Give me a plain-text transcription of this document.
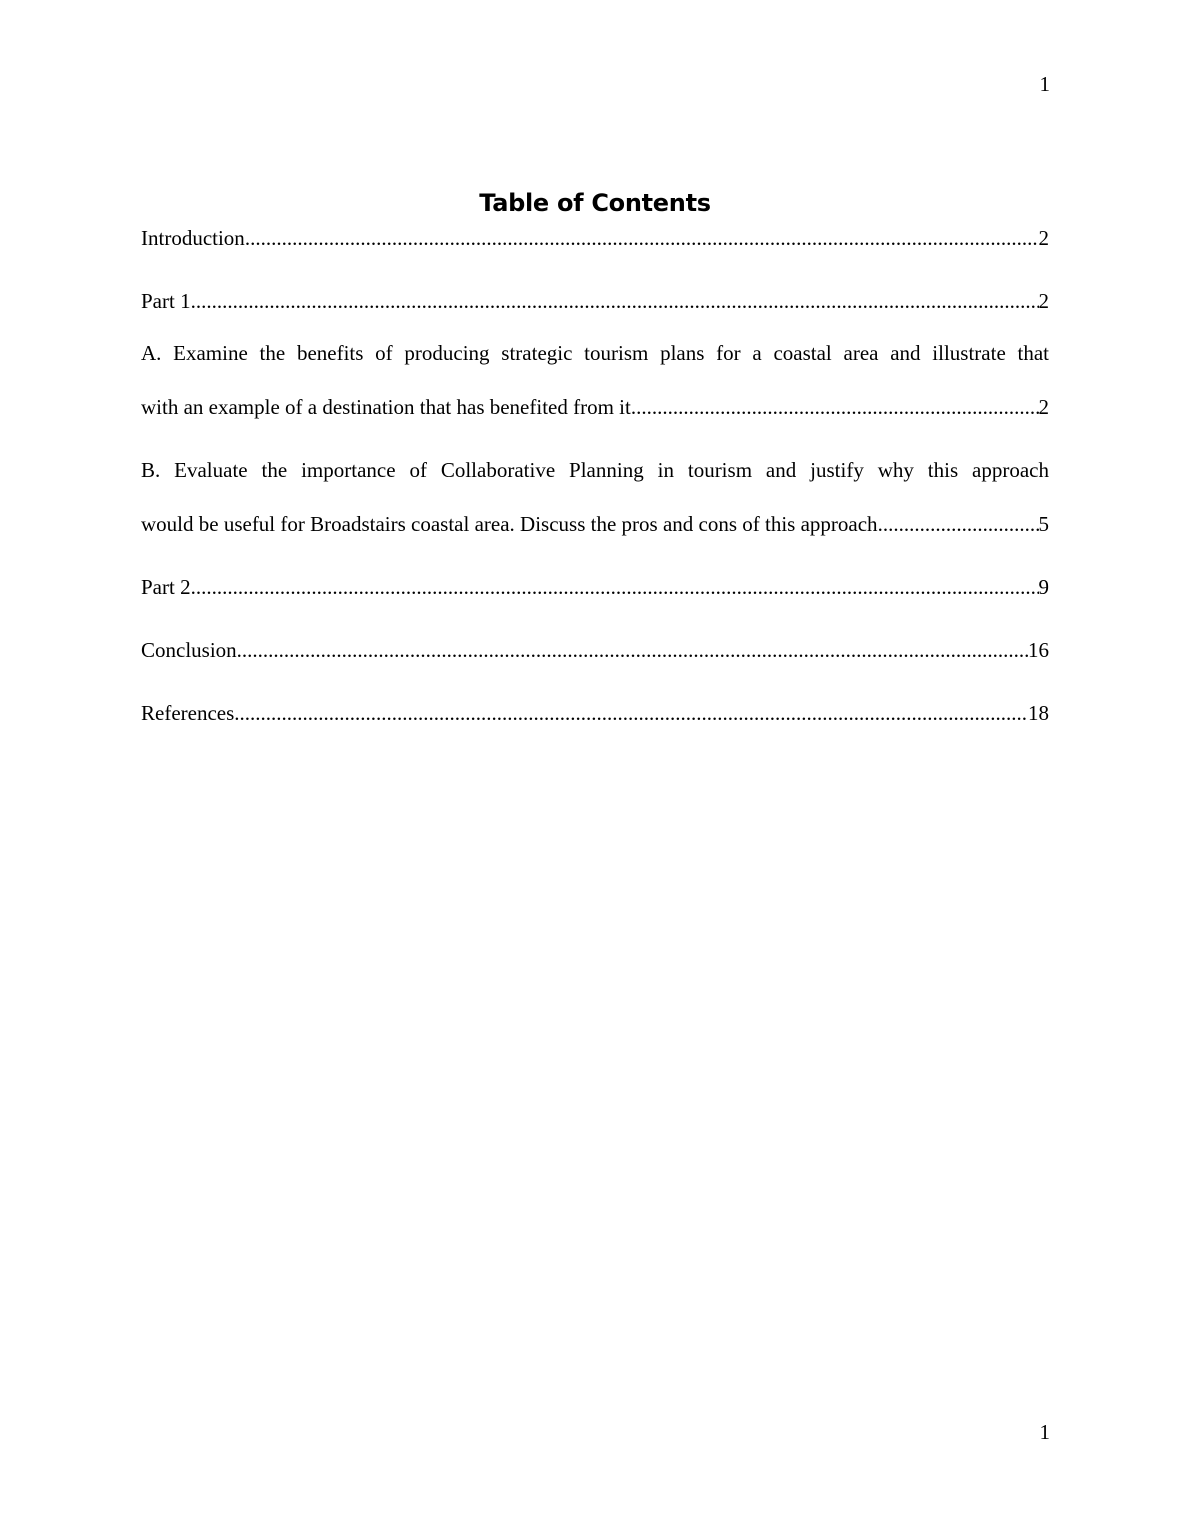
1
Table of Contents
Introduction .....	2
Part 1 .....	2
A. Examine the benefits of producing strategic tourism plans for a coastal area and illustrate that
with an example of a destination that has benefited from it .....	2
B. Evaluate the importance of Collaborative Planning in tourism and justify why this approach
would be useful for Broadstairs coastal area. Discuss the pros and cons of this approach .....	5
Part 2 .....	9
Conclusion .....	16
References .....	18
1
